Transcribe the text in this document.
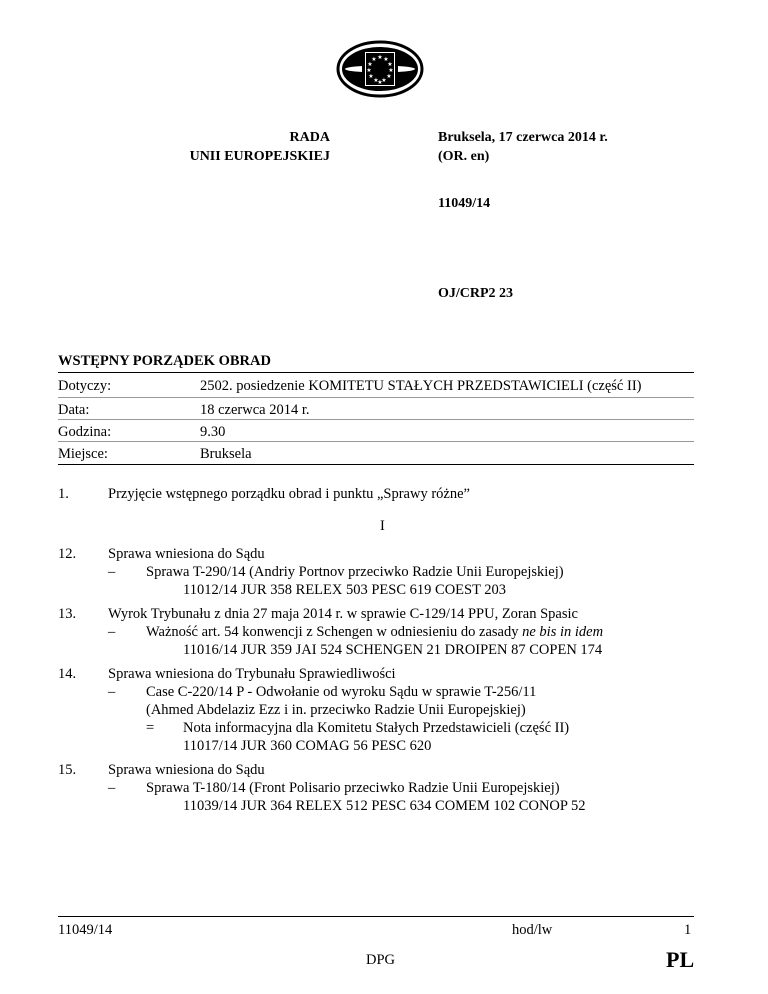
★ ★
★
★
★
★
★
★
★
★
★
★
RADA
UNII EUROPEJSKIEJ
Bruksela, 17 czerwca 2014 r.
(OR. en)
11049/14
OJ/CRP2 23
WSTĘPNY PORZĄDEK OBRAD
Dotyczy:	2502. posiedzenie KOMITETU STAŁYCH PRZEDSTAWICIELI (część II)
Data:	18 czerwca 2014 r.
Godzina:	9.30
Miejsce:	Bruksela
1.	Przyjęcie wstępnego porządku obrad i punktu „Sprawy różne”
I
12. Sprawa wniesiona do Sądu
– Sprawa T-290/14 (Andriy Portnov przeciwko Radzie Unii Europejskiej)
11012/14 JUR 358 RELEX 503 PESC 619 COEST 203
13. Wyrok Trybunału z dnia 27 maja 2014 r. w sprawie C-129/14 PPU, Zoran Spasic
– Ważność art. 54 konwencji z Schengen w odniesieniu do zasady ne bis in idem
11016/14 JUR 359 JAI 524 SCHENGEN 21 DROIPEN 87 COPEN 174
14. Sprawa wniesiona do Trybunału Sprawiedliwości
– Case C-220/14 P - Odwołanie od wyroku Sądu w sprawie T-256/11
(Ahmed Abdelaziz Ezz i in. przeciwko Radzie Unii Europejskiej)
= Nota informacyjna dla Komitetu Stałych Przedstawicieli (część II)
11017/14 JUR 360 COMAG 56 PESC 620
15. Sprawa wniesiona do Sądu
– Sprawa T-180/14 (Front Polisario przeciwko Radzie Unii Europejskiej)
11039/14 JUR 364 RELEX 512 PESC 634 COMEM 102 CONOP 52
11049/14	hod/lw	1
DPG	PL
